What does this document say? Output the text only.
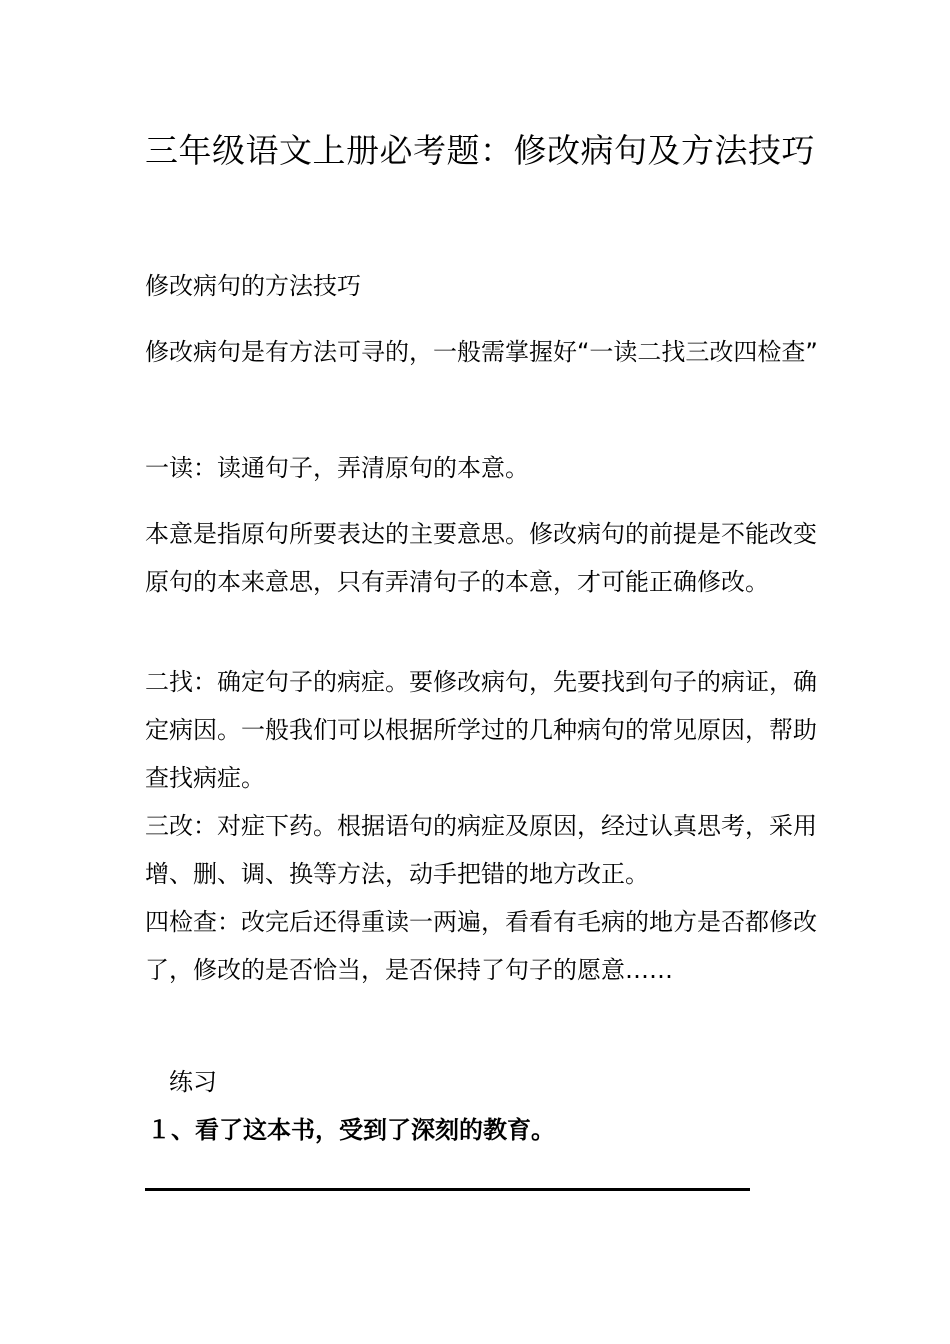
三年级语文上册必考题：修改病句及方法技巧

修改病句的方法技巧

修改病句是有方法可寻的，一般需掌握好“一读二找三改四检查”

一读：读通句子，弄清原句的本意。

本意是指原句所要表达的主要意思。修改病句的前提是不能改变原句的本来意思，只有弄清句子的本意，才可能正确修改。

二找：确定句子的病症。要修改病句，先要找到句子的病证，确定病因。一般我们可以根据所学过的几种病句的常见原因，帮助查找病症。

三改：对症下药。根据语句的病症及原因，经过认真思考，采用增、删、调、换等方法，动手把错的地方改正。

四检查：改完后还得重读一两遍，看看有毛病的地方是否都修改了，修改的是否恰当，是否保持了句子的愿意……

练习

１、看了这本书，受到了深刻的教育。
